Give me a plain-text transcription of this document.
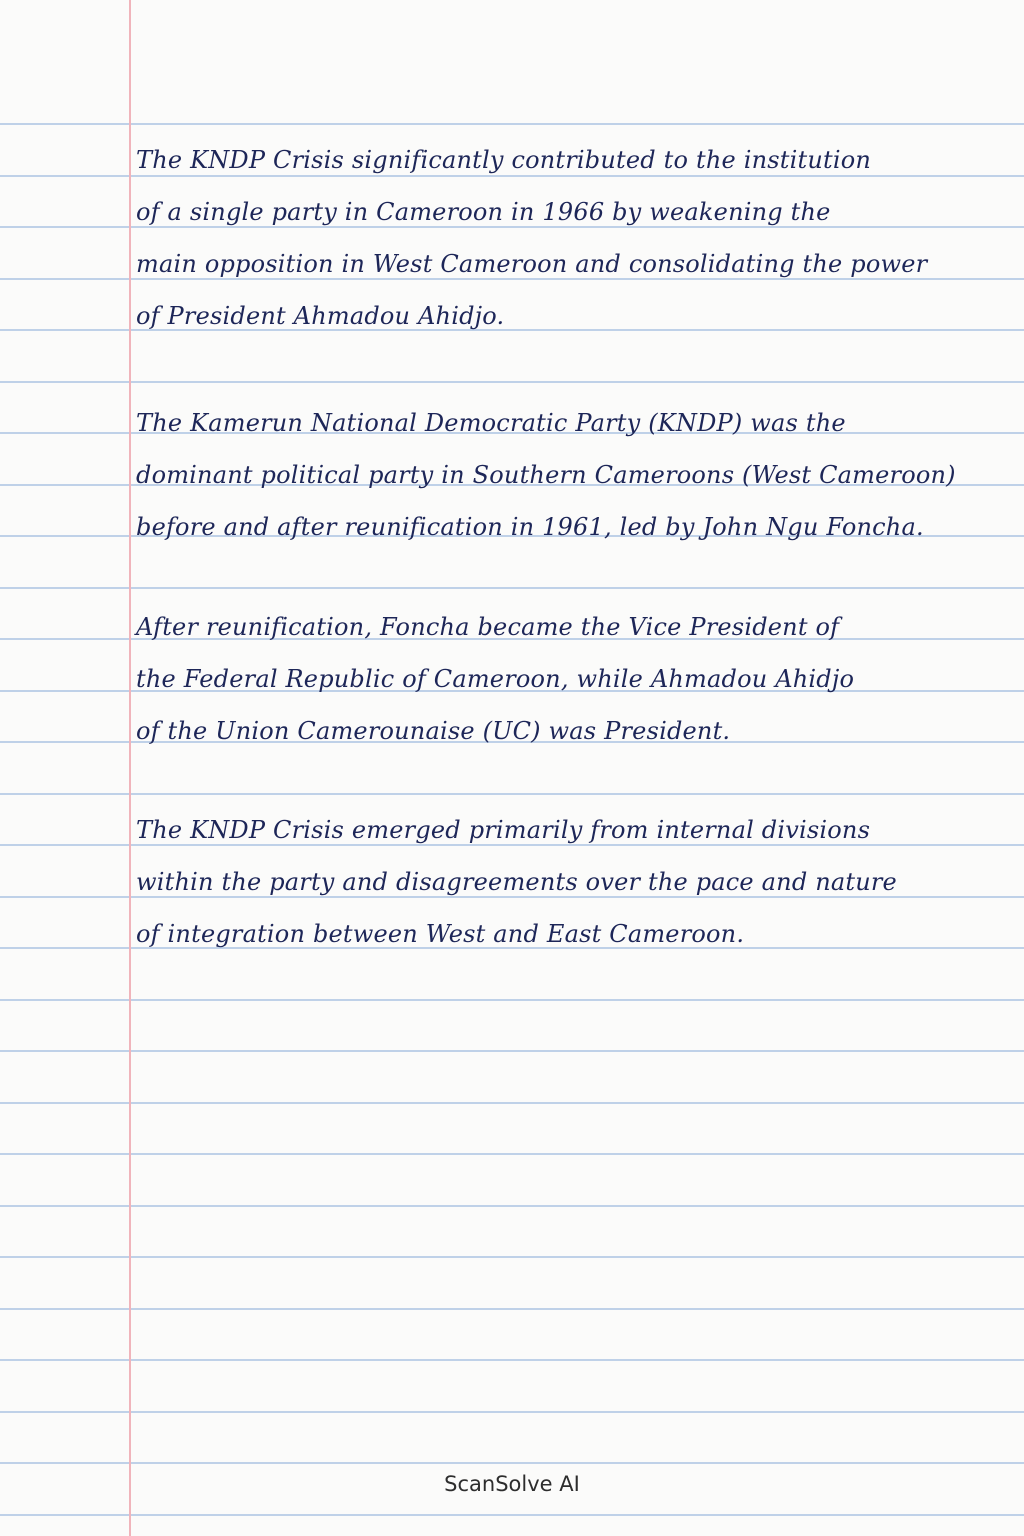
The KNDP Crisis significantly contributed to the institution
of a single party in Cameroon in 1966 by weakening the
main opposition in West Cameroon and consolidating the power
of President Ahmadou Ahidjo.
The Kamerun National Democratic Party (KNDP) was the
dominant political party in Southern Cameroons (West Cameroon)
before and after reunification in 1961, led by John Ngu Foncha.
After reunification, Foncha became the Vice President of
the Federal Republic of Cameroon, while Ahmadou Ahidjo
of the Union Camerounaise (UC) was President.
The KNDP Crisis emerged primarily from internal divisions
within the party and disagreements over the pace and nature
of integration between West and East Cameroon.
ScanSolve AI
